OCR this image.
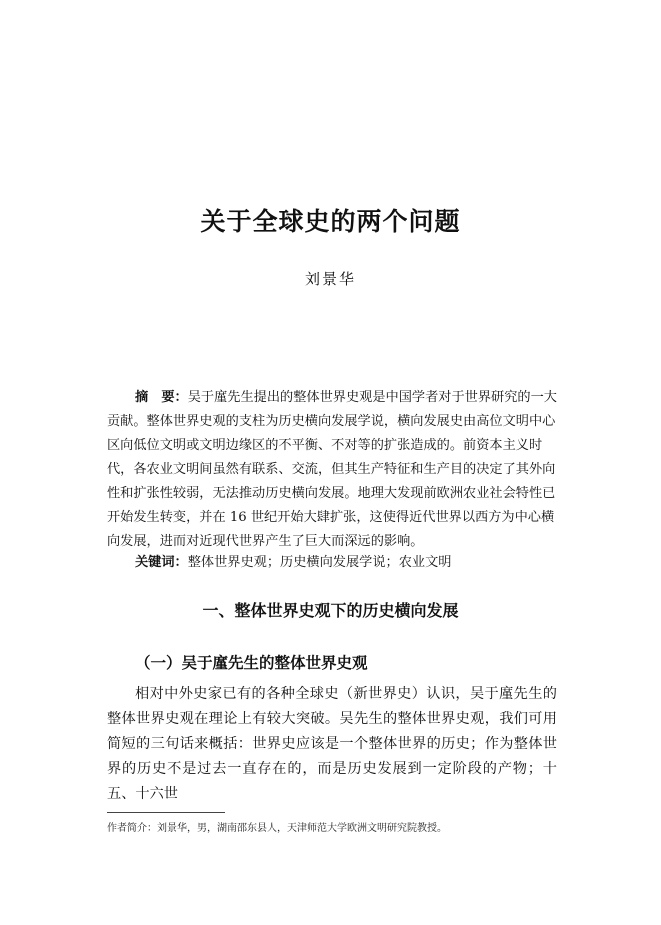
关于全球史的两个问题
刘景华

摘　要：吴于廑先生提出的整体世界史观是中国学者对于世界研究的一大贡献。整体世界史观的支柱为历史横向发展学说，横向发展史由高位文明中心区向低位文明或文明边缘区的不平衡、不对等的扩张造成的。前资本主义时代，各农业文明间虽然有联系、交流，但其生产特征和生产目的决定了其外向性和扩张性较弱，无法推动历史横向发展。地理大发现前欧洲农业社会特性已开始发生转变，并在 16 世纪开始大肆扩张，这使得近代世界以西方为中心横向发展，进而对近现代世界产生了巨大而深远的影响。

关键词：整体世界史观；历史横向发展学说；农业文明
一、整体世界史观下的历史横向发展
（一）吴于廑先生的整体世界史观

相对中外史家已有的各种全球史（新世界史）认识，吴于廑先生的整体世界史观在理论上有较大突破。吴先生的整体世界史观，我们可用简短的三句话来概括：世界史应该是一个整体世界的历史；作为整体世界的历史不是过去一直存在的，而是历史发展到一定阶段的产物；十五、十六世

作者简介：刘景华，男，湖南邵东县人，天津师范大学欧洲文明研究院教授。
